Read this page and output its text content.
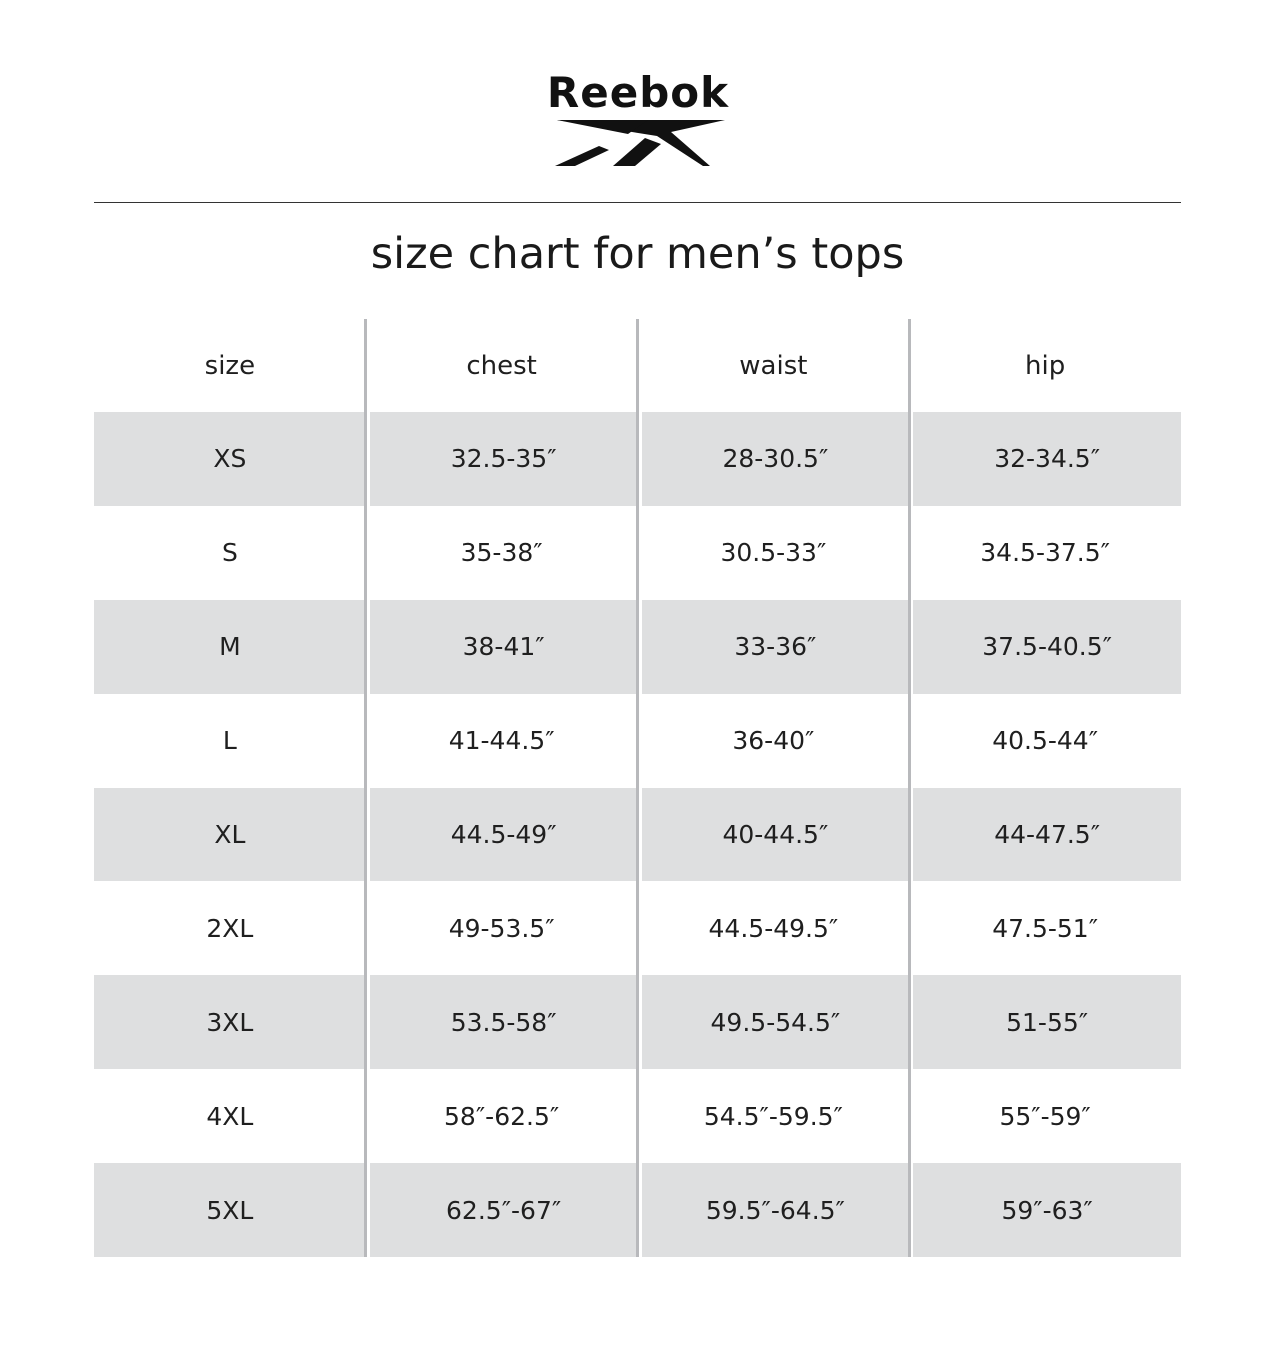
Reebok
size chart for men’s tops
size	chest	waist	hip
XS	32.5-35″	28-30.5″	32-34.5″
S	35-38″	30.5-33″	34.5-37.5″
M	38-41″	33-36″	37.5-40.5″
L	41-44.5″	36-40″	40.5-44″
XL	44.5-49″	40-44.5″	44-47.5″
2XL	49-53.5″	44.5-49.5″	47.5-51″
3XL	53.5-58″	49.5-54.5″	51-55″
4XL	58″-62.5″	54.5″-59.5″	55″-59″
5XL	62.5″-67″	59.5″-64.5″	59″-63″
